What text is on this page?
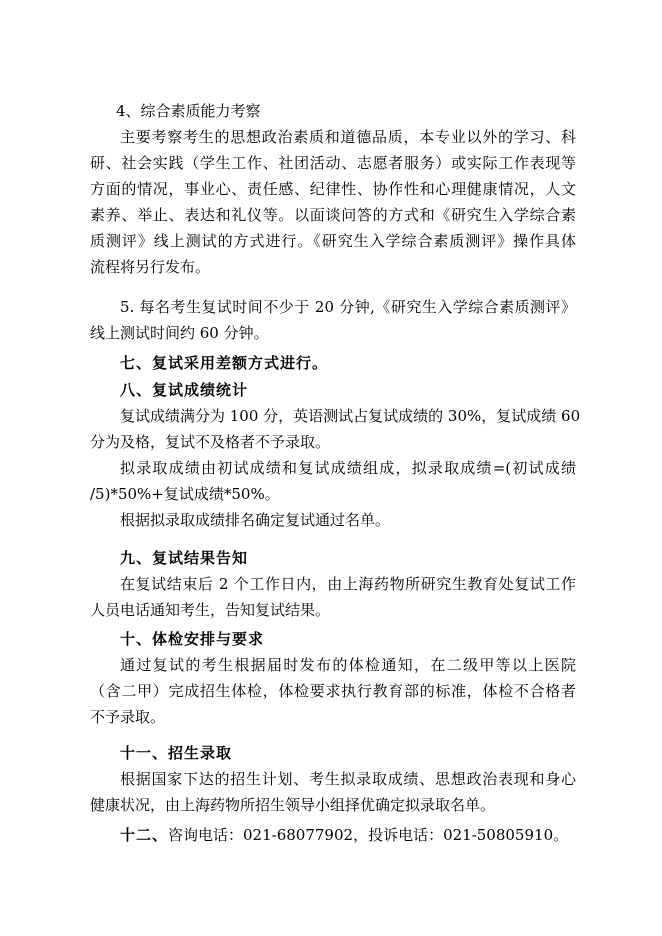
4、综合素质能力考察
主要考察考生的思想政治素质和道德品质，本专业以外的学习、科
研、社会实践（学生工作、社团活动、志愿者服务）或实际工作表现等
方面的情况，事业心、责任感、纪律性、协作性和心理健康情况，人文
素养、举止、表达和礼仪等。以面谈问答的方式和《研究生入学综合素
质测评》线上测试的方式进行。《研究生入学综合素质测评》操作具体
流程将另行发布。
5. 每名考生复试时间不少于 20 分钟,《研究生入学综合素质测评》
线上测试时间约 60 分钟。
七、复试采用差额方式进行。
八、复试成绩统计
复试成绩满分为 100 分，英语测试占复试成绩的 30%，复试成绩 60
分为及格，复试不及格者不予录取。
拟录取成绩由初试成绩和复试成绩组成，拟录取成绩=(初试成绩
/5)*50%+复试成绩*50%。
根据拟录取成绩排名确定复试通过名单。
九、复试结果告知
在复试结束后 2 个工作日内，由上海药物所研究生教育处复试工作
人员电话通知考生，告知复试结果。
十、体检安排与要求
通过复试的考生根据届时发布的体检通知，在二级甲等以上医院
（含二甲）完成招生体检，体检要求执行教育部的标准，体检不合格者
不予录取。
十一、招生录取
根据国家下达的招生计划、考生拟录取成绩、思想政治表现和身心
健康状况，由上海药物所招生领导小组择优确定拟录取名单。
十二、咨询电话：021-68077902，投诉电话：021-50805910。
